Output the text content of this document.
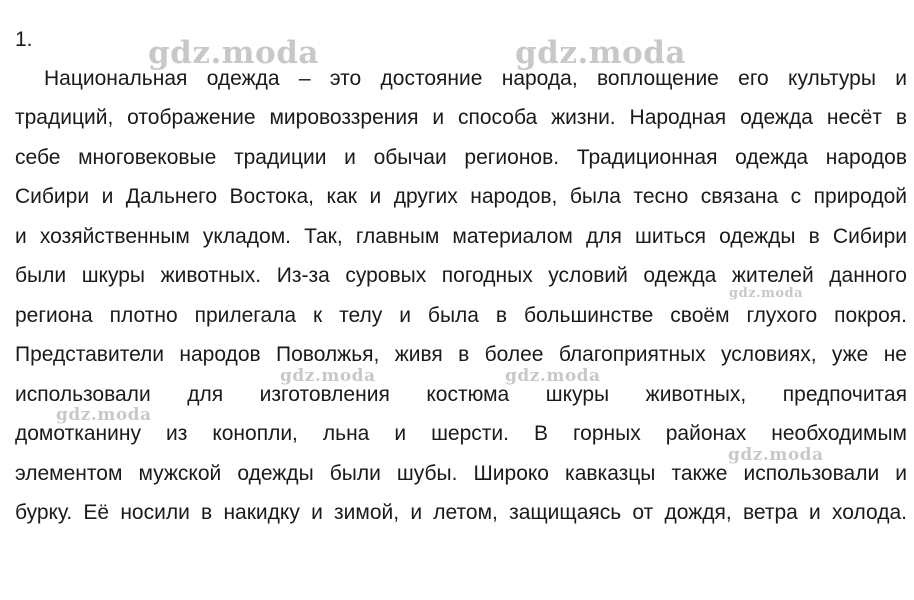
1.	gdz.moda	gdz.moda
Национальная одежда – это достояние народа, воплощение его культуры и
традиций, отображение мировоззрения и способа жизни. Народная одежда несёт в
себе многовековые традиции и обычаи регионов. Традиционная одежда народов
Сибири и Дальнего Востока, как и других народов, была тесно связана с природой
и хозяйственным укладом. Так, главным материалом для шиться одежды в Сибири
были шкуры животных. Из-за суровых погодных условий одежда жителей данного
региона плотно прилегала к телу и была в большинстве своём глухого покроя.
Представители народов Поволжья, живя в более благоприятных условиях, уже не
использовали для изготовления костюма шкуры животных, предпочитая
домотканину из конопли, льна и шерсти. В горных районах необходимым
элементом мужской одежды были шубы. Широко кавказцы также использовали и
бурку. Её носили в накидку и зимой, и летом, защищаясь от дождя, ветра и холода.
gdz.moda
gdz.moda	gdz.moda
gdz.moda
gdz.moda
